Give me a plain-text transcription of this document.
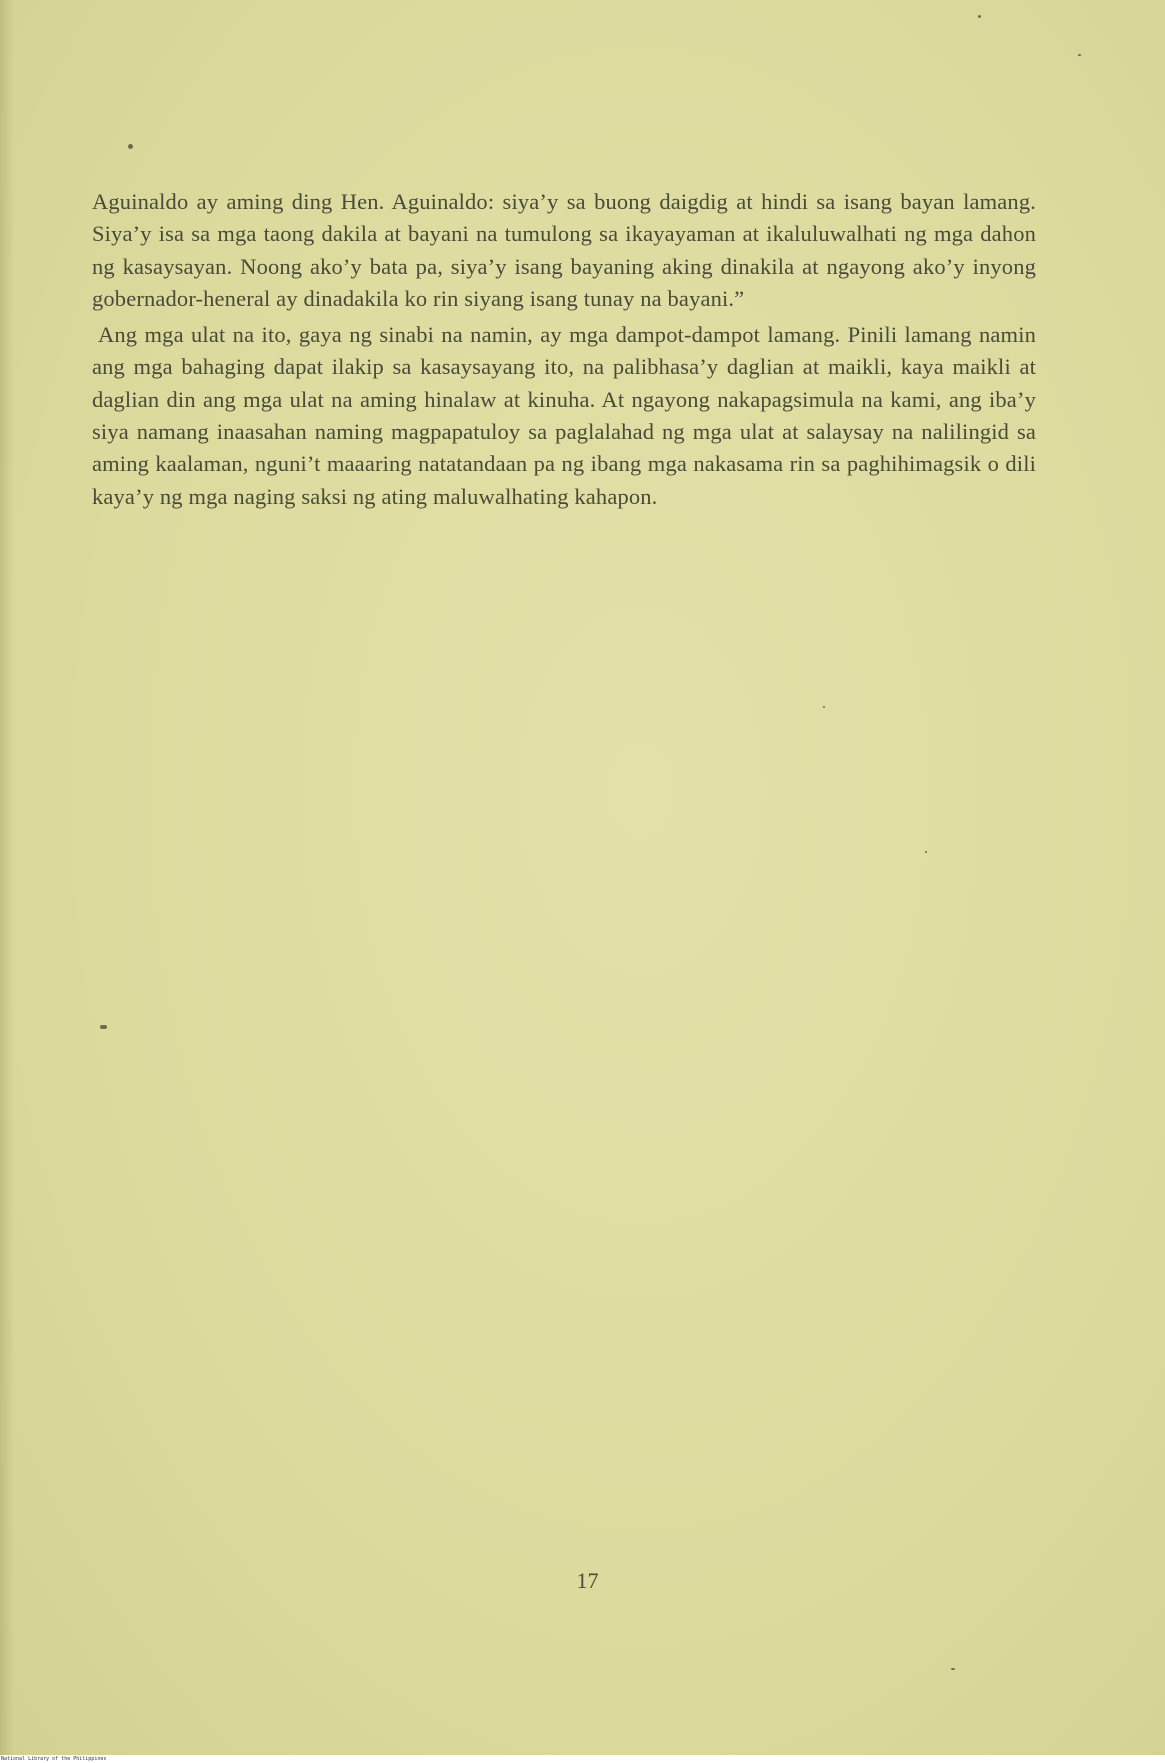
Aguinaldo ay aming ding Hen. Aguinaldo: siya’y sa buong daigdig at hindi sa isang bayan lamang. Siya’y isa sa mga taong dakila at bayani na tumulong sa ikayayaman at ikaluluwalhati ng mga dahon ng kasaysayan. Noong ako’y bata pa, siya’y isang bayaning aking dinakila at ngayong ako’y inyong gobernador-heneral ay dinadakila ko rin siyang isang tunay na bayani.”

Ang mga ulat na ito, gaya ng sinabi na namin, ay mga dampot-dampot lamang. Pinili lamang namin ang mga bahaging dapat ilakip sa kasaysayang ito, na palibhasa’y daglian at maikli, kaya maikli at daglian din ang mga ulat na aming hinalaw at kinuha. At ngayong nakapagsimula na kami, ang iba’y siya namang inaasahan naming magpapatuloy sa paglalahad ng mga ulat at salaysay na nalilingid sa aming kaalaman, nguni’t maaaring natatandaan pa ng ibang mga nakasama rin sa paghihimagsik o dili kaya’y ng mga naging saksi ng ating maluwalhating kahapon.

17
National Library of the Philippines
